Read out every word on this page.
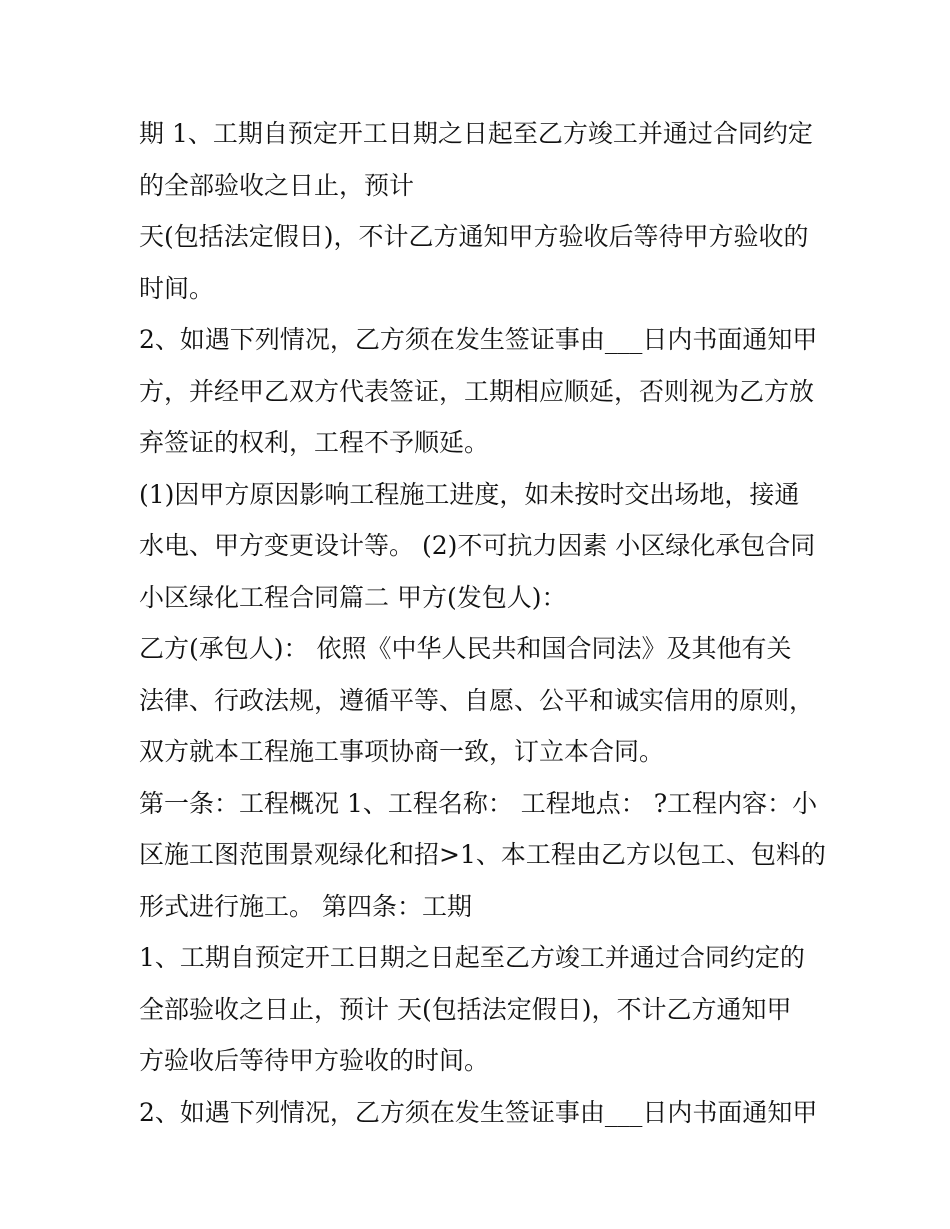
期 1、工期自预定开工日期之日起至乙方竣工并通过合同约定
的全部验收之日止，预计
天(包括法定假日)，不计乙方通知甲方验收后等待甲方验收的
时间。
2、如遇下列情况，乙方须在发生签证事由___日内书面通知甲
方，并经甲乙双方代表签证，工期相应顺延，否则视为乙方放
弃签证的权利，工程不予顺延。
(1)因甲方原因影响工程施工进度，如未按时交出场地，接通
水电、甲方变更设计等。 (2)不可抗力因素 小区绿化承包合同
小区绿化工程合同篇二 甲方(发包人)：
乙方(承包人)： 依照《中华人民共和国合同法》及其他有关
法律、行政法规，遵循平等、自愿、公平和诚实信用的原则，
双方就本工程施工事项协商一致，订立本合同。
第一条：工程概况 1、工程名称： 工程地点： ?工程内容：小
区施工图范围景观绿化和招>1、本工程由乙方以包工、包料的
形式进行施工。 第四条：工期
1、工期自预定开工日期之日起至乙方竣工并通过合同约定的
全部验收之日止，预计 天(包括法定假日)，不计乙方通知甲
方验收后等待甲方验收的时间。
2、如遇下列情况，乙方须在发生签证事由___日内书面通知甲
